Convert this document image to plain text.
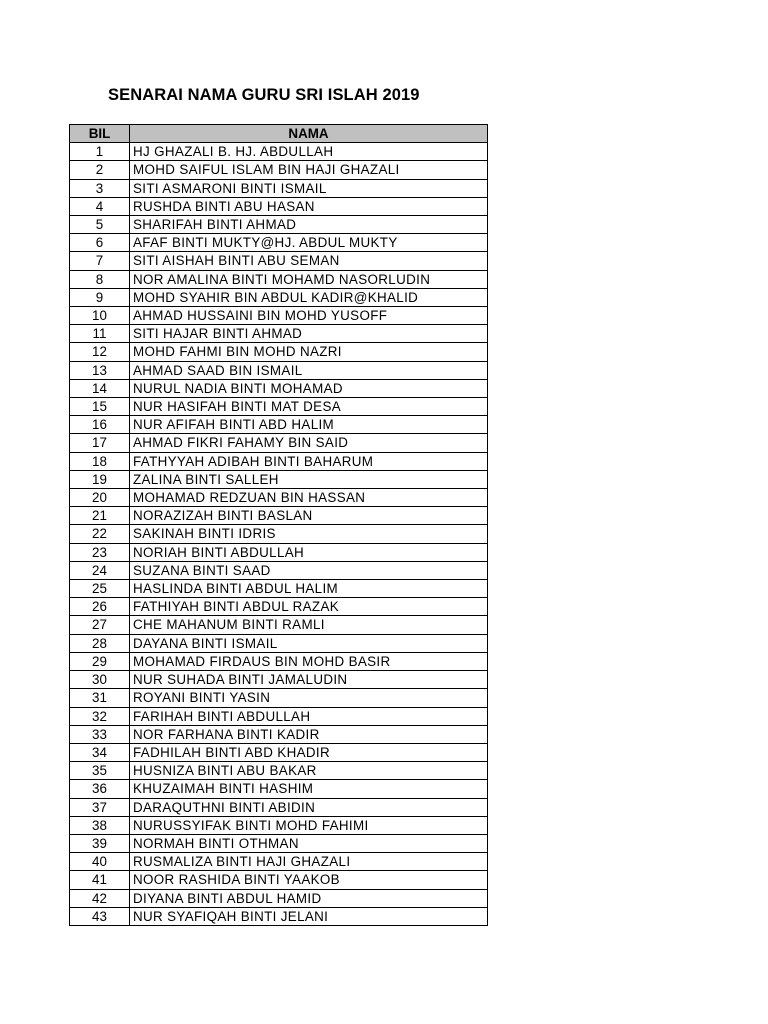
SENARAI NAMA GURU SRI ISLAH 2019
BIL	NAMA
1	HJ GHAZALI B. HJ. ABDULLAH
2	MOHD SAIFUL ISLAM BIN HAJI GHAZALI
3	SITI ASMARONI BINTI ISMAIL
4	RUSHDA BINTI ABU HASAN
5	SHARIFAH BINTI AHMAD
6	AFAF BINTI MUKTY@HJ. ABDUL MUKTY
7	SITI AISHAH BINTI ABU SEMAN
8	NOR AMALINA BINTI MOHAMD NASORLUDIN
9	MOHD SYAHIR BIN ABDUL KADIR@KHALID
10	AHMAD HUSSAINI BIN MOHD YUSOFF
11	SITI HAJAR BINTI AHMAD
12	MOHD FAHMI BIN MOHD NAZRI
13	AHMAD SAAD BIN ISMAIL
14	NURUL NADIA BINTI MOHAMAD
15	NUR HASIFAH BINTI MAT DESA
16	NUR AFIFAH BINTI ABD HALIM
17	AHMAD FIKRI FAHAMY BIN SAID
18	FATHYYAH ADIBAH BINTI BAHARUM
19	ZALINA BINTI SALLEH
20	MOHAMAD REDZUAN BIN HASSAN
21	NORAZIZAH BINTI BASLAN
22	SAKINAH BINTI IDRIS
23	NORIAH BINTI ABDULLAH
24	SUZANA BINTI SAAD
25	HASLINDA BINTI ABDUL HALIM
26	FATHIYAH BINTI ABDUL RAZAK
27	CHE MAHANUM BINTI RAMLI
28	DAYANA BINTI ISMAIL
29	MOHAMAD FIRDAUS BIN MOHD BASIR
30	NUR SUHADA BINTI JAMALUDIN
31	ROYANI BINTI YASIN
32	FARIHAH BINTI ABDULLAH
33	NOR FARHANA BINTI KADIR
34	FADHILAH BINTI ABD KHADIR
35	HUSNIZA BINTI ABU BAKAR
36	KHUZAIMAH BINTI HASHIM
37	DARAQUTHNI BINTI ABIDIN
38	NURUSSYIFAK BINTI MOHD FAHIMI
39	NORMAH BINTI OTHMAN
40	RUSMALIZA BINTI HAJI GHAZALI
41	NOOR RASHIDA BINTI YAAKOB
42	DIYANA BINTI ABDUL HAMID
43	NUR SYAFIQAH BINTI JELANI
